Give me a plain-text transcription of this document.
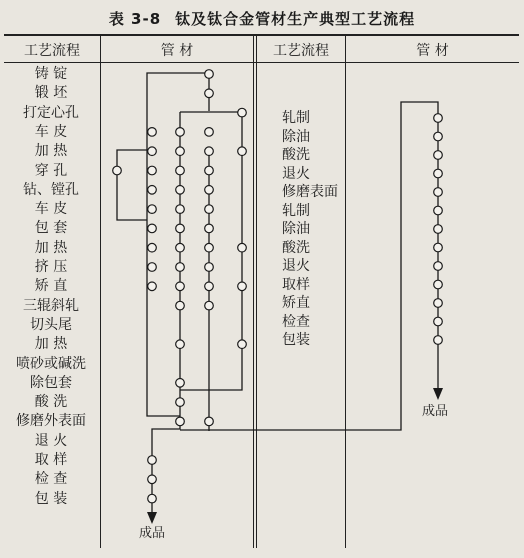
表 3-8 钛及钛合金管材生产典型工艺流程
工艺流程	管 材	工艺流程	管 材
铸 锭
锻 坯
打定心孔
车 皮
加 热
穿 孔
钻、镗孔
车 皮
包 套
加 热
挤 压
矫 直
三辊斜轧
切头尾
加 热
喷砂或碱洗
除包套
酸 洗
修磨外表面
退 火
取 样
检 查
包 装
轧制
除油
酸洗
退火
修磨表面
轧制
除油
酸洗
退火
取样
矫直
检查
包装
成品
成品
